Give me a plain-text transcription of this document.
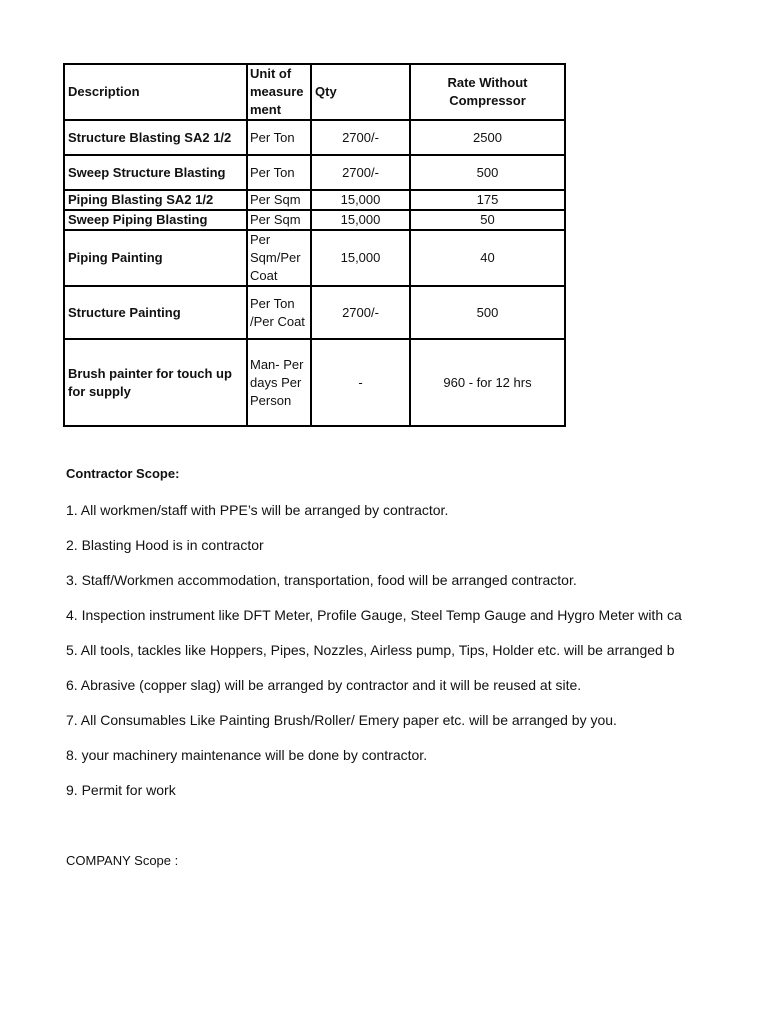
Description	Unit of measure ment	Qty	Rate Without Compressor
Structure Blasting SA2 1/2	Per Ton	2700/-	2500
Sweep Structure Blasting	Per Ton	2700/-	500
Piping Blasting SA2 1/2	Per Sqm	15,000	175
Sweep Piping Blasting	Per Sqm	15,000	50
Piping Painting	Per Sqm/Per Coat	15,000	40
Structure Painting	Per Ton /Per Coat	2700/-	500
Brush painter for touch up for supply	Man- Per days Per Person	-	960 - for 12 hrs
Contractor Scope:
1. All workmen/staff with PPE’s will be arranged by contractor.
2. Blasting Hood is in contractor
3. Staff/Workmen accommodation, transportation, food will be arranged contractor.
4. Inspection instrument like DFT Meter, Profile Gauge, Steel Temp Gauge and Hygro Meter with ca
5. All tools, tackles like Hoppers, Pipes, Nozzles, Airless pump, Tips, Holder etc. will be arranged b
6. Abrasive (copper slag) will be arranged by contractor and it will be reused at site.
7. All Consumables Like Painting Brush/Roller/ Emery paper etc. will be arranged by you.
8. your machinery maintenance will be done by contractor.
9. Permit for work
COMPANY Scope :
